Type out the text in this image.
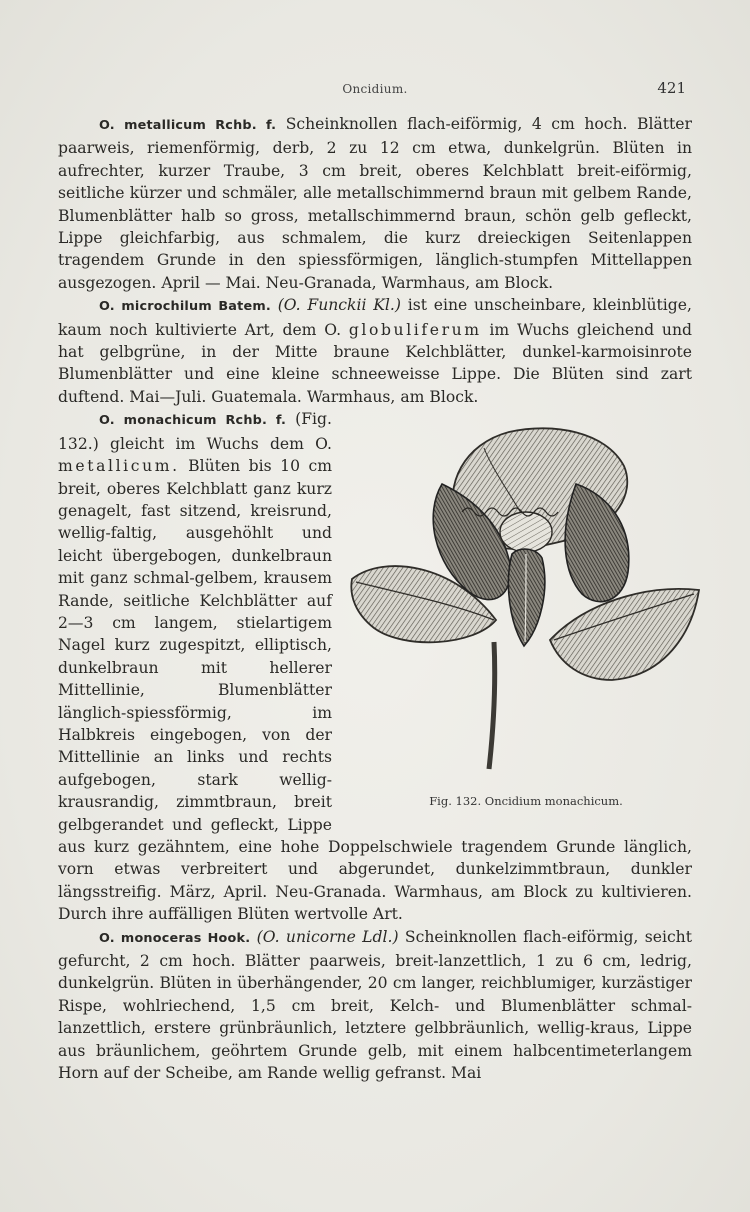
Oncidium.	421

O. metallicum Rchb. f. Scheinknollen flach-eiförmig, 4 cm hoch. Blätter paarweis, riemenförmig, derb, 2 zu 12 cm etwa, dunkelgrün. Blüten in aufrechter, kurzer Traube, 3 cm breit, oberes Kelchblatt breit-eiförmig, seitliche kürzer und schmäler, alle metallschimmernd braun mit gelbem Rande, Blumenblätter halb so gross, metallschimmernd braun, schön gelb gefleckt, Lippe gleichfarbig, aus schmalem, die kurz dreieckigen Seitenlappen tragendem Grunde in den spiessförmigen, länglich-stumpfen Mittellappen ausgezogen. April — Mai. Neu-Granada, Warmhaus, am Block.

O. microchilum Batem. (O. Funckii Kl.) ist eine unscheinbare, kleinblütige, kaum noch kultivierte Art, dem O. globuliferum im Wuchs gleichend und hat gelbgrüne, in der Mitte braune Kelchblätter, dunkel-karmoisinrote Blumenblätter und eine kleine schneeweisse Lippe. Die Blüten sind zart duftend. Mai—Juli. Guatemala. Warmhaus, am Block.

Fig. 132. Oncidium monachicum.

O. monachicum Rchb. f. (Fig. 132.) gleicht im Wuchs dem O. metallicum. Blüten bis 10 cm breit, oberes Kelchblatt ganz kurz genagelt, fast sitzend, kreisrund, wellig-faltig, ausgehöhlt und leicht übergebogen, dunkelbraun mit ganz schmal-gelbem, krausem Rande, seitliche Kelchblätter auf 2—3 cm langem, stielartigem Nagel kurz zugespitzt, elliptisch, dunkelbraun mit hellerer Mittellinie, Blumenblätter länglich-spiessförmig, im Halbkreis eingebogen, von der Mittellinie an links und rechts aufgebogen, stark wellig-krausrandig, zimmtbraun, breit gelbgerandet und gefleckt, Lippe aus kurz gezähntem, eine hohe Doppelschwiele tragendem Grunde länglich, vorn etwas verbreitert und abgerundet, dunkelzimmtbraun, dunkler längsstreifig. März, April. Neu-Granada. Warmhaus, am Block zu kultivieren. Durch ihre auffälligen Blüten wertvolle Art.

O. monoceras Hook. (O. unicorne Ldl.) Scheinknollen flach-eiförmig, seicht gefurcht, 2 cm hoch. Blätter paarweis, breit-lanzettlich, 1 zu 6 cm, ledrig, dunkelgrün. Blüten in überhängender, 20 cm langer, reichblumiger, kurzästiger Rispe, wohlriechend, 1,5 cm breit, Kelch- und Blumenblätter schmal-lanzettlich, erstere grünbräunlich, letztere gelbbräunlich, wellig-kraus, Lippe aus bräunlichem, geöhrtem Grunde gelb, mit einem halbcentimeterlangem Horn auf der Scheibe, am Rande wellig gefranst. Mai
